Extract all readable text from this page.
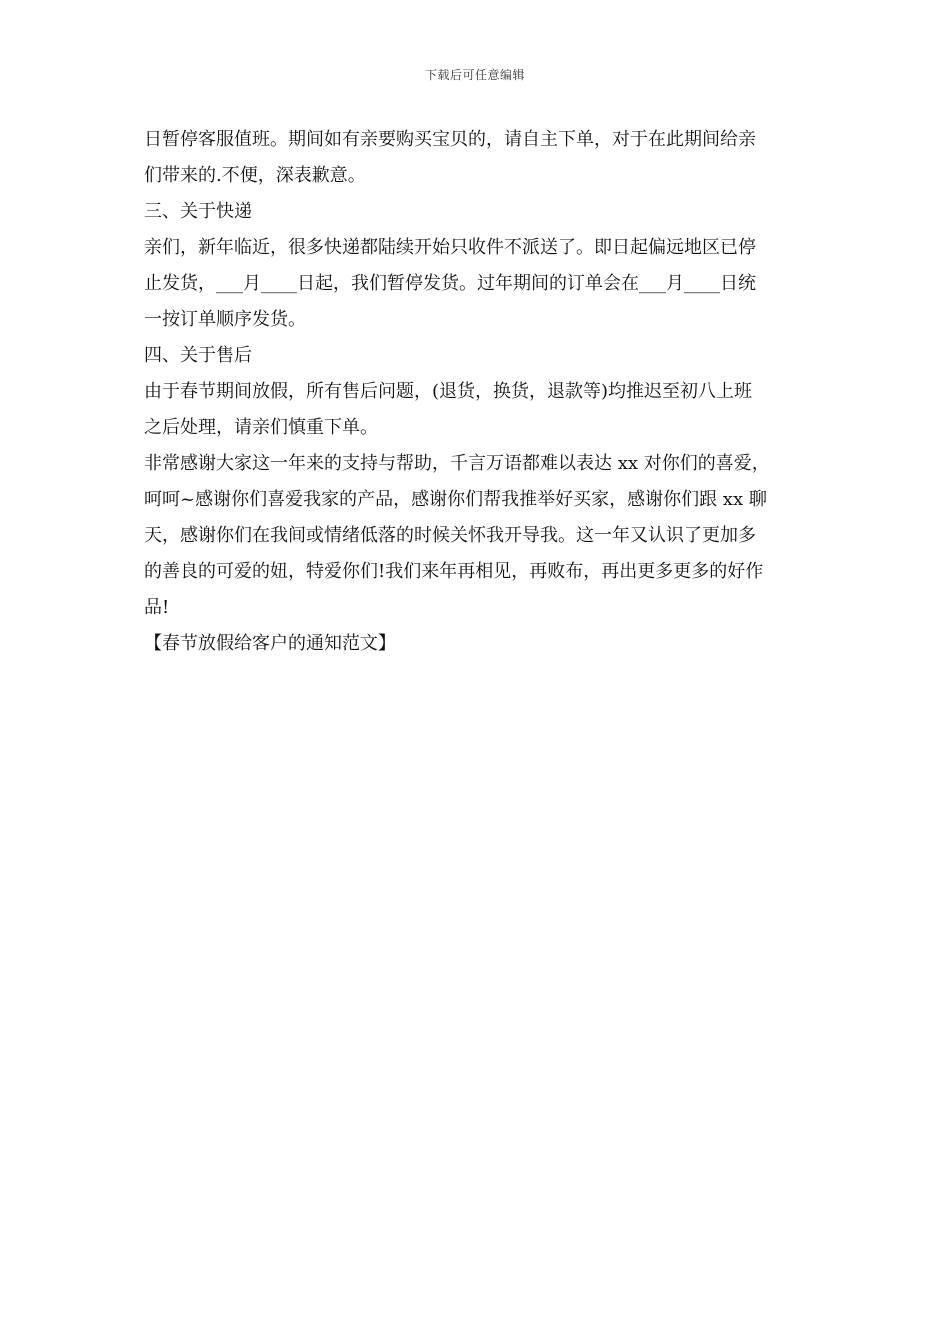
下载后可任意编辑
日暂停客服值班。期间如有亲要购买宝贝的，请自主下单，对于在此期间给亲
们带来的.不便，深表歉意。
三、关于快递
亲们，新年临近，很多快递都陆续开始只收件不派送了。即日起偏远地区已停
止发货，___月____日起，我们暂停发货。过年期间的订单会在___月____日统
一按订单顺序发货。
四、关于售后
由于春节期间放假，所有售后问题，(退货，换货，退款等)均推迟至初八上班
之后处理，请亲们慎重下单。
非常感谢大家这一年来的支持与帮助，千言万语都难以表达 xx 对你们的喜爱，
呵呵~感谢你们喜爱我家的产品，感谢你们帮我推举好买家，感谢你们跟 xx 聊
天，感谢你们在我间或情绪低落的时候关怀我开导我。这一年又认识了更加多
的善良的可爱的妞，特爱你们!我们来年再相见，再败布，再出更多更多的好作
品!
【春节放假给客户的通知范文】
